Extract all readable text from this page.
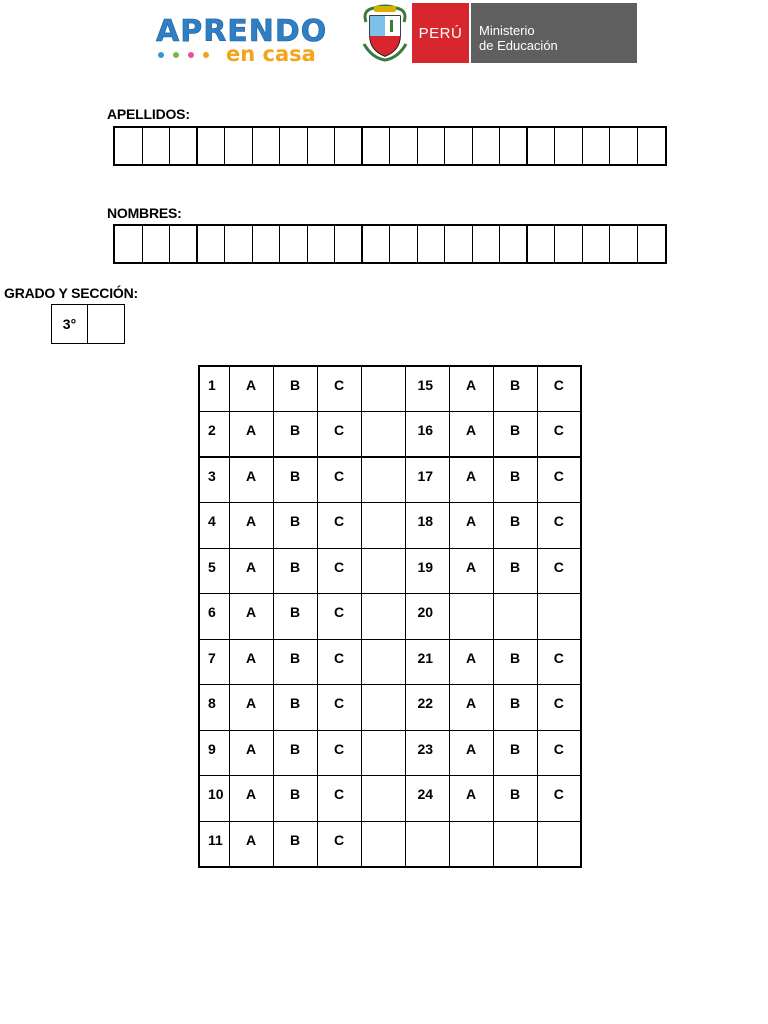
APRENDO
en casa
PERÚ	Ministerio
de Educación
APELLIDOS:
NOMBRES:
GRADO Y SECCIÓN:
3°
1	A	B	C		15	A	B	C
2	A	B	C		16	A	B	C
3	A	B	C		17	A	B	C
4	A	B	C		18	A	B	C
5	A	B	C		19	A	B	C
6	A	B	C		20			
7	A	B	C		21	A	B	C
8	A	B	C		22	A	B	C
9	A	B	C		23	A	B	C
10	A	B	C		24	A	B	C
11	A	B	C					
